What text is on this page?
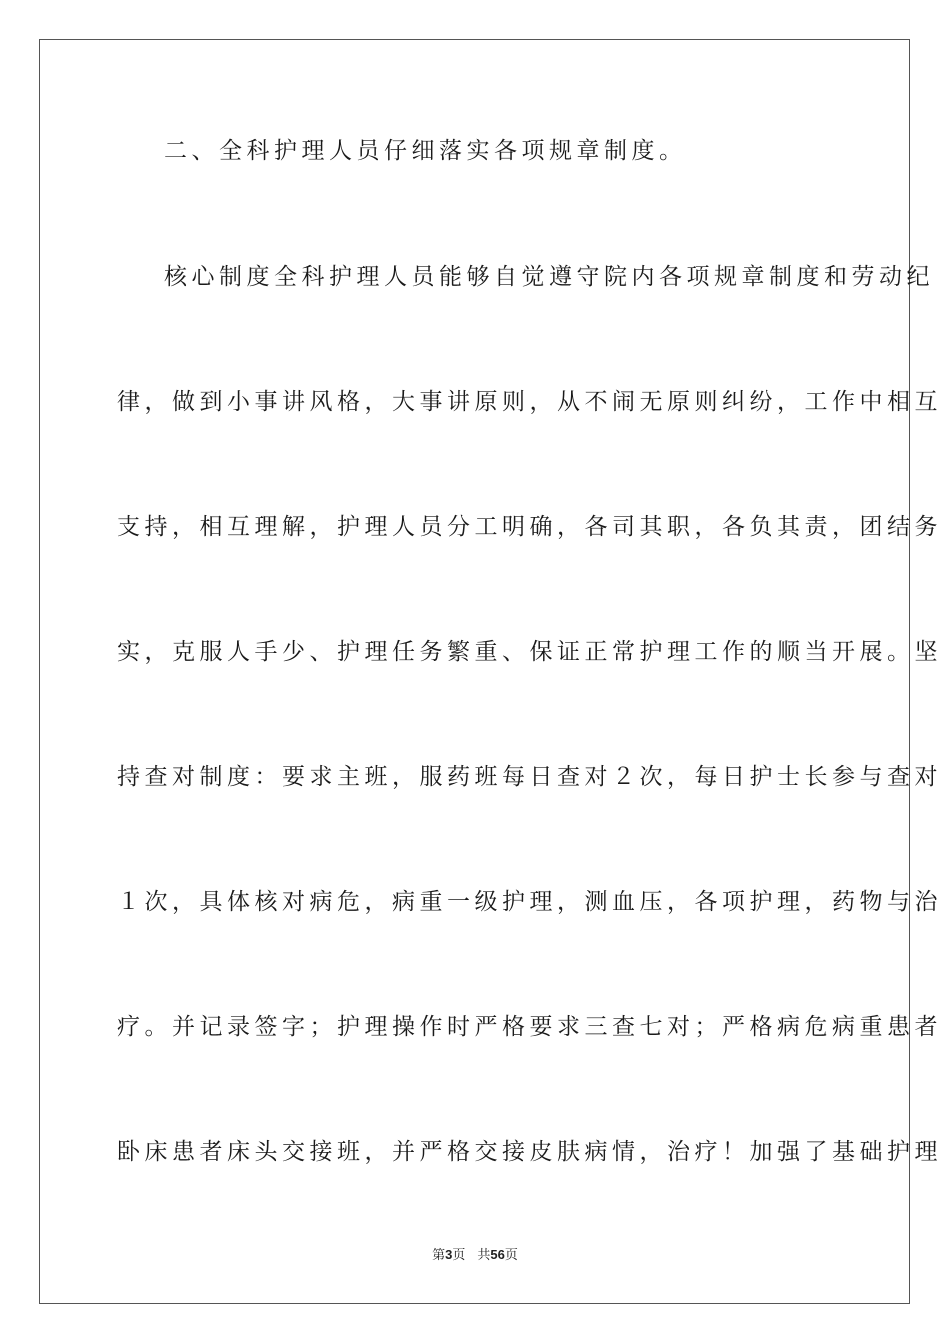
二、全科护理人员仔细落实各项规章制度。
核心制度全科护理人员能够自觉遵守院内各项规章制度和劳动纪
律，做到小事讲风格，大事讲原则，从不闹无原则纠纷，工作中相互
支持，相互理解，护理人员分工明确，各司其职，各负其责，团结务
实，克服人手少、护理任务繁重、保证正常护理工作的顺当开展。坚
持查对制度：要求主班，服药班每日查对２次，每日护士长参与查对
１次，具体核对病危，病重一级护理，测血压，各项护理，药物与治
疗。并记录签字；护理操作时严格要求三查七对；严格病危病重患者
卧床患者床头交接班，并严格交接皮肤病情，治疗！加强了基础护理
第3页 共56页
